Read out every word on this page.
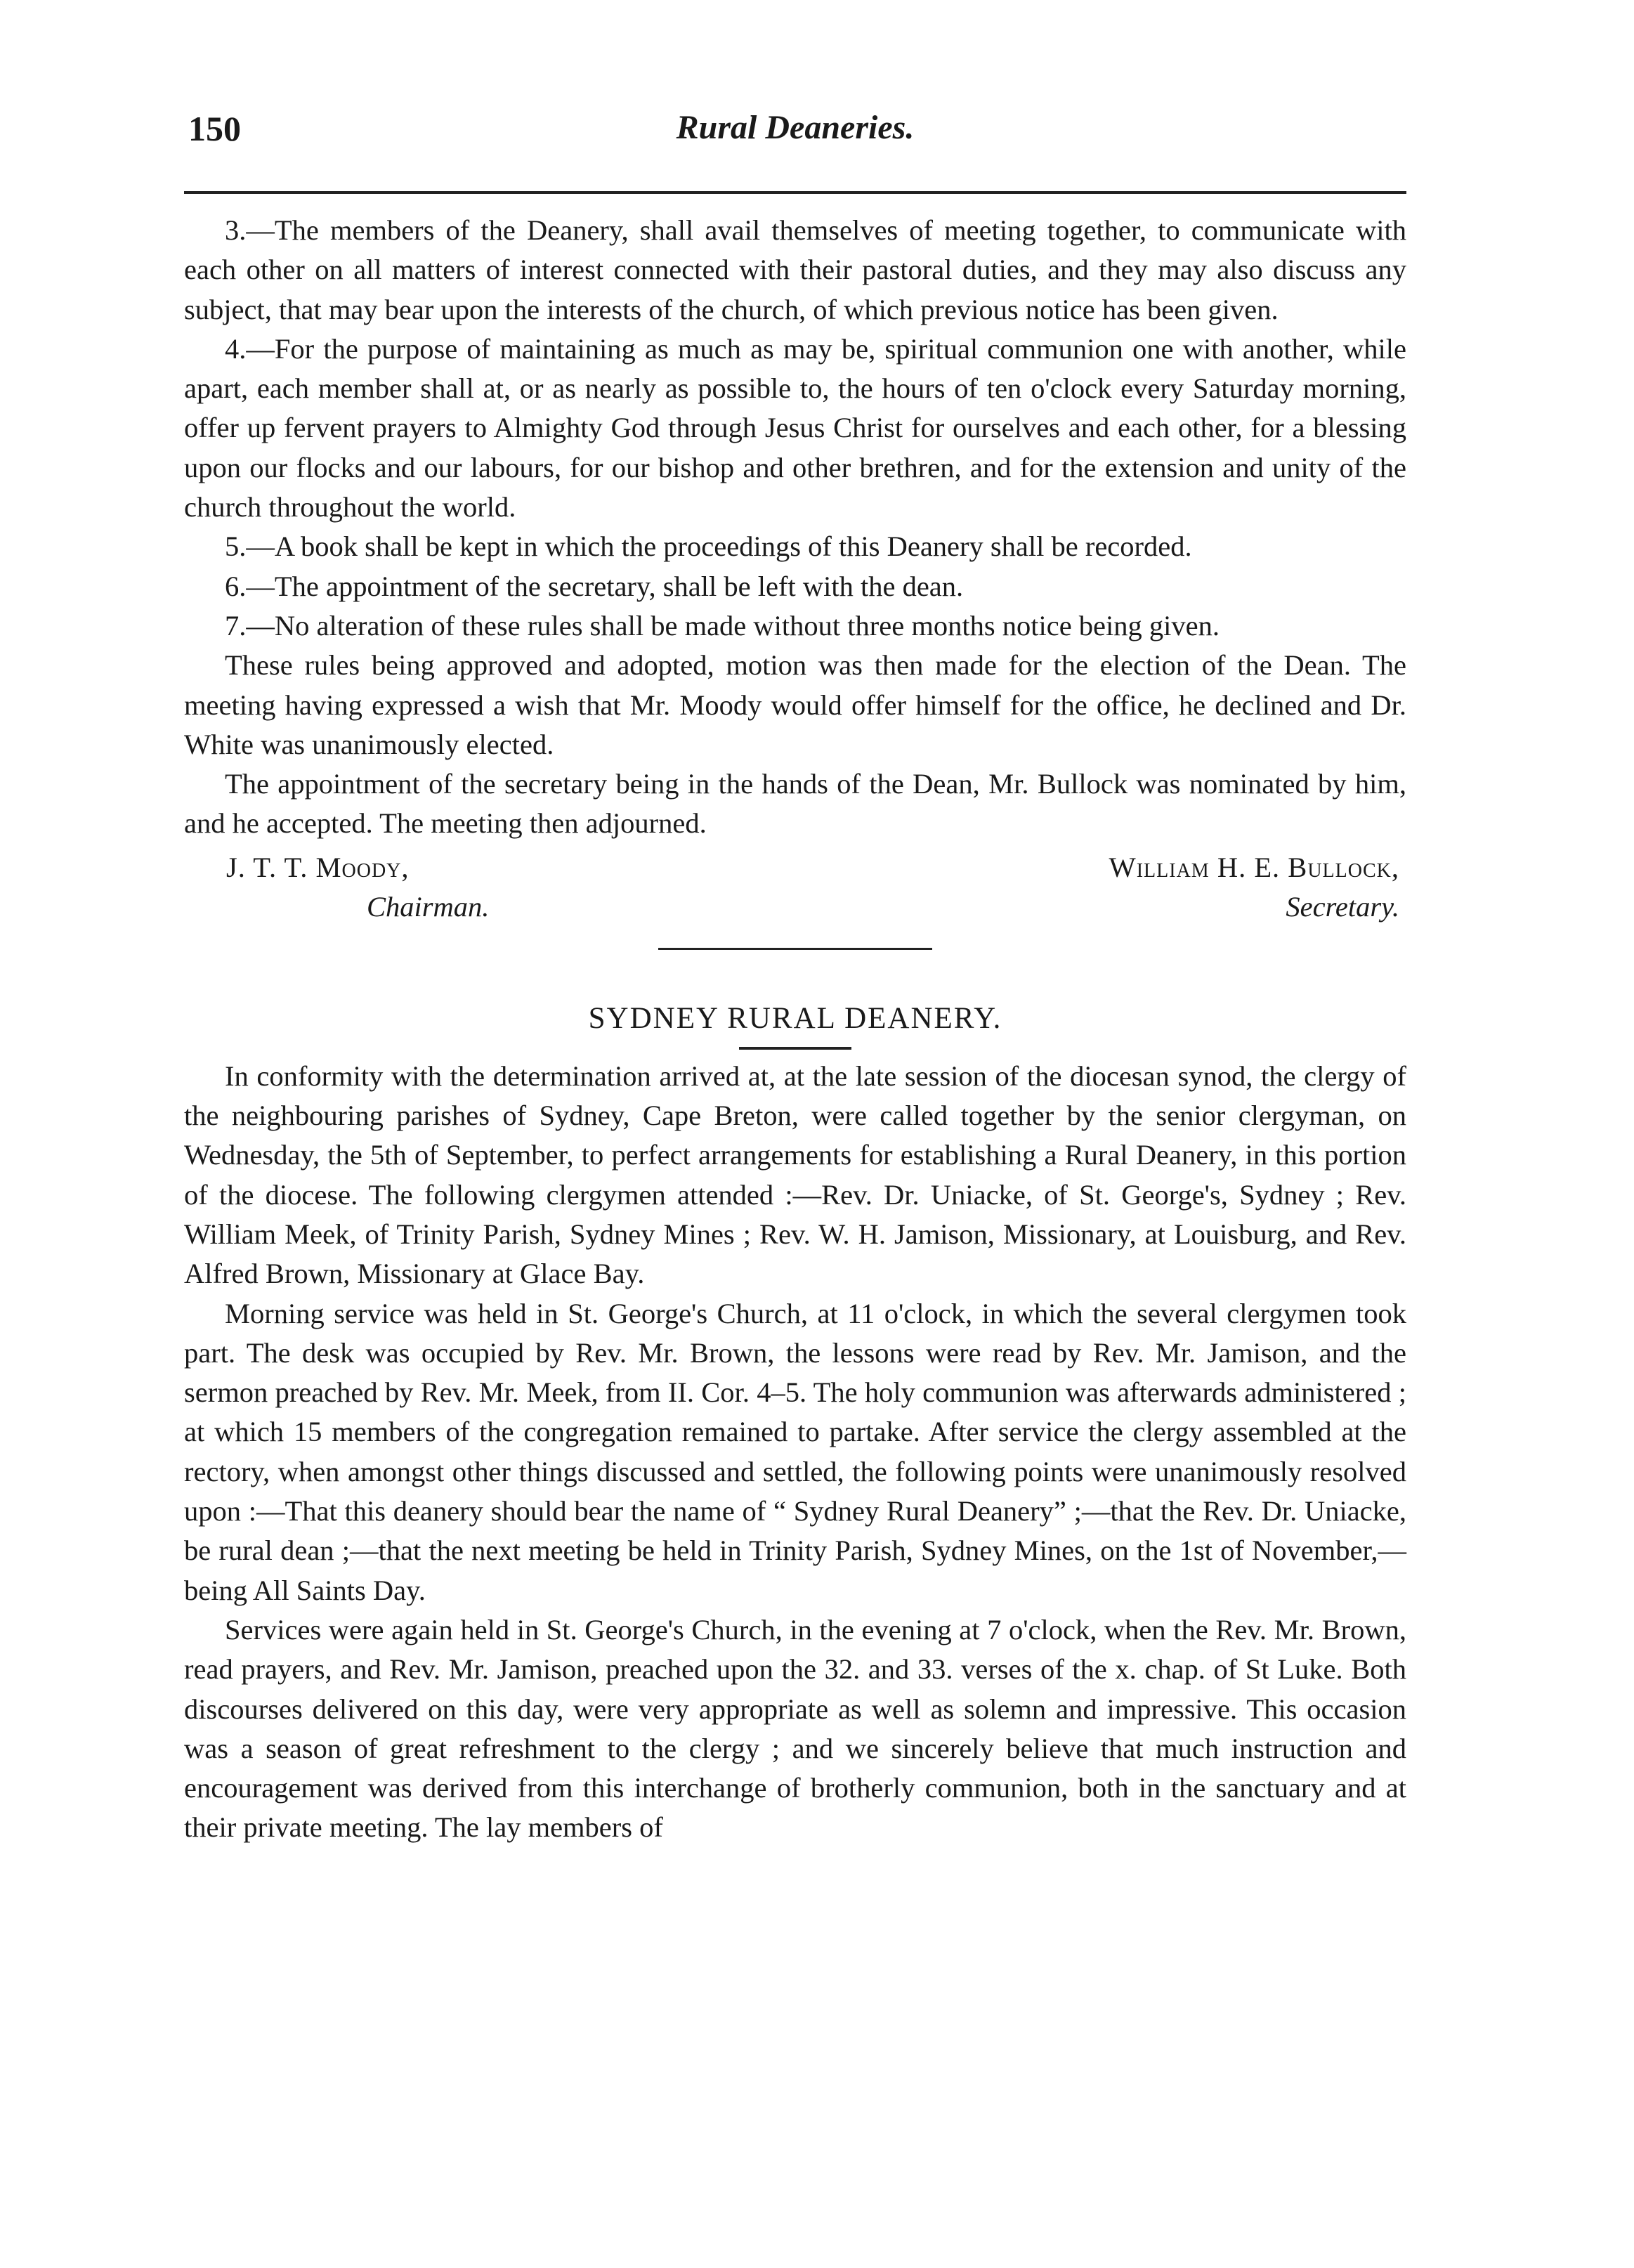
150	Rural Deaneries.

3.—The members of the Deanery, shall avail themselves of meeting together, to communicate with each other on all matters of interest connected with their pastoral duties, and they may also discuss any subject, that may bear upon the interests of the church, of which previous notice has been given.

4.—For the purpose of maintaining as much as may be, spiritual communion one with another, while apart, each member shall at, or as nearly as possible to, the hours of ten o'clock every Saturday morning, offer up fervent prayers to Almighty God through Jesus Christ for ourselves and each other, for a blessing upon our flocks and our labours, for our bishop and other brethren, and for the extension and unity of the church throughout the world.

5.—A book shall be kept in which the proceedings of this Deanery shall be recorded.

6.—The appointment of the secretary, shall be left with the dean.

7.—No alteration of these rules shall be made without three months notice being given.

These rules being approved and adopted, motion was then made for the election of the Dean. The meeting having expressed a wish that Mr. Moody would offer himself for the office, he declined and Dr. White was unanimously elected.

The appointment of the secretary being in the hands of the Dean, Mr. Bullock was nominated by him, and he accepted. The meeting then adjourned.

J. T. T. Moody,	William H. E. Bullock,
Chairman.	Secretary.
SYDNEY RURAL DEANERY.

In conformity with the determination arrived at, at the late session of the diocesan synod, the clergy of the neighbouring parishes of Sydney, Cape Breton, were called together by the senior clergyman, on Wednesday, the 5th of September, to perfect arrangements for establishing a Rural Deanery, in this portion of the diocese. The following clergymen attended :—Rev. Dr. Uniacke, of St. George's, Sydney ; Rev. William Meek, of Trinity Parish, Sydney Mines ; Rev. W. H. Jamison, Missionary, at Louisburg, and Rev. Alfred Brown, Missionary at Glace Bay.

Morning service was held in St. George's Church, at 11 o'clock, in which the several clergymen took part. The desk was occupied by Rev. Mr. Brown, the lessons were read by Rev. Mr. Jamison, and the sermon preached by Rev. Mr. Meek, from II. Cor. 4–5. The holy communion was afterwards administered ; at which 15 members of the congregation remained to partake. After service the clergy assembled at the rectory, when amongst other things discussed and settled, the following points were unanimously resolved upon :—That this deanery should bear the name of “ Sydney Rural Deanery” ;—that the Rev. Dr. Uniacke, be rural dean ;—that the next meeting be held in Trinity Parish, Sydney Mines, on the 1st of November,—being All Saints Day.

Services were again held in St. George's Church, in the evening at 7 o'clock, when the Rev. Mr. Brown, read prayers, and Rev. Mr. Jamison, preached upon the 32. and 33. verses of the x. chap. of St Luke. Both discourses delivered on this day, were very appropriate as well as solemn and impressive. This occasion was a season of great refreshment to the clergy ; and we sincerely believe that much instruction and encouragement was derived from this interchange of brotherly communion, both in the sanctuary and at their private meeting. The lay members of
